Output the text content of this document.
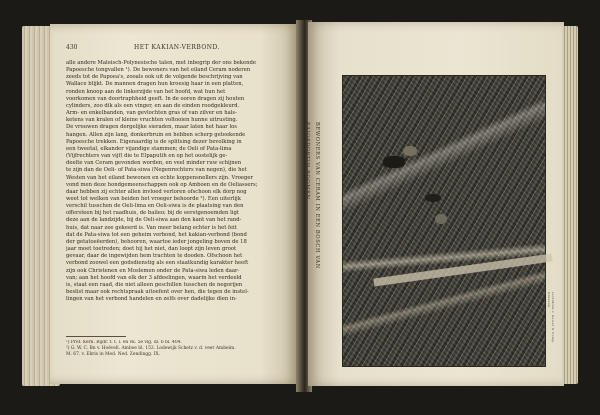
430	HET KAKIAN-VERBOND.
alle andere Maleisch-Polynesische talen, met inbegrip der ons bekende
Papoesche tongvallen ¹). De bewoners van het eiland Ceram noderen
zeeds tot de Papoea's, zooals ook uit de volgende beschrijving van
Wallace blijkt. De mannen dragen hun kroesig haar in een platten,
ronden knoop aan de linkerzijde van het hoofd, wat hun het
voorkomen van doortraphheid geeft. In de ooren dragen zij houten
cylinders, zoo dik als een vinger, en aan de einden roodgekleurd.
Arm- en enkelbanden, van gevlochten gras of van zilver en hals-
ketens van kralen of kleine vruchten voltooien hunne uitrusting.
De vrouwen dragen dergelijke sieraden, maar laten het haar los
hangen. Allen zijn lang, donkerbruin en hebben scherp geteekende
Papoesche trekken. Eigenaardig is de splitsing dezer bevolking in
een tweetal, elkander vijandige stammen; de Oeli of Pata-lima
(Vijfrechters van vijf) die te Elpaputih en op het oostelijk ge-
deelte van Ceram gevonden worden, en veel minder ruw schijnen
te zijn dan de Oeli- of Pata-siwa (Negenrechters van negen), die het
Westen van het eiland bewonen en echte koppensnellers zijn. Vroeger
vond men deze hondgemeenschappen ook op Amboen en de Oeliassers;
daar hebben zij echter allen invloed verloren ofschoon elk dorp nog
weet tot welken van beiden het vroeger behoorde ²). Een uiterlijk
verschil tusschen de Oeli-lima en Oeli-siwa is de plaatsing van den
offersteen bij het raadhuis, de baileo; bij de eerstgenoemden ligt
deze aan de landzijde, bij de Oeli-siwa aan den kant van het rand-
huis, dat naar zee gekeerd is. Van meer belang echter is het feit
dat de Pata-siwa tot een geheim verbond, het kakian-verbond (bond
der getatoeëerden), behooren, waartoe ieder jongeling boven de 18
jaar moet toetreden; doet hij het niet, dan loopt zijn leven groot
gevaar, daar de ingewijden hem trachten te dooden. Ofschoon het
verbond zoowel een godsdienstig als een staatkundig karakter heeft
zijn ook Christenen en Moslemen onder de Pata-siwa leden daar-
van; aan het hoofd van elk der 3 afdeelingen, waarin het verdeeld
is, staat een raad, die niet alleen geschillen tusschen de negorijen
beslist maar ook rechtspraak uitoefent over hen, die tegen de instel-
lingen van het verbond handelen en zelfs over dadelijke dien in-
¹) Prof. Kern. Bijdr. t. t. l. en vk. 5e vlg. dl. 6 bl. 404.
²) G. W. C. Bn v. Hoëvell. Amboe bl. 153. Lodewijk Schetz v. d. veer Ambeim.
M. 67. v. Ekris in Med. Ned. Zendingg. IX.
BEWONERS VAN CERAM IN EEN BOSCH VAN KAJOEPOETIH-BOOMEN.
Lichtdruk v. Kaiser & Comp. Gravenh.
